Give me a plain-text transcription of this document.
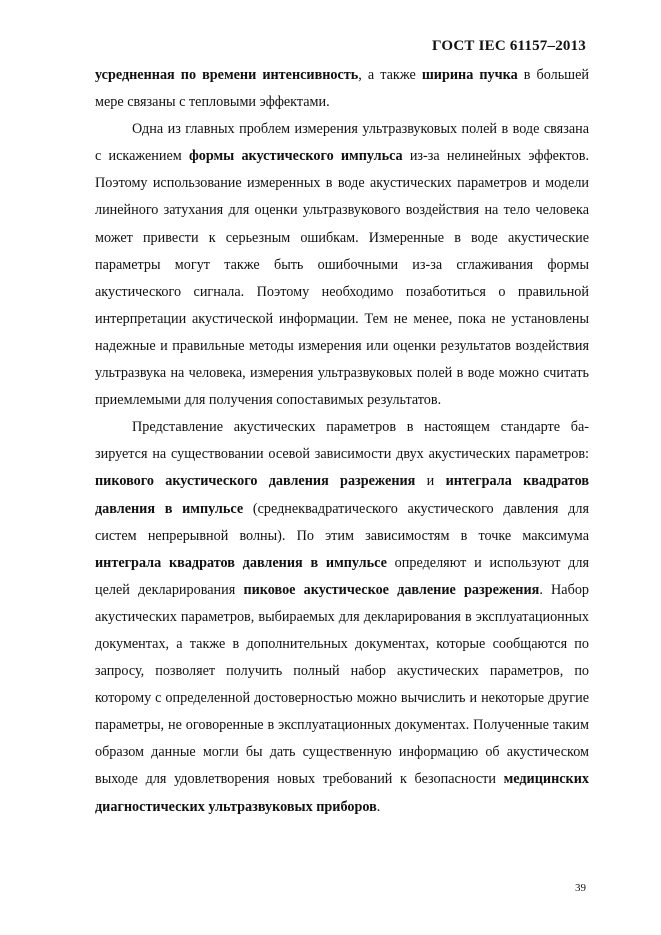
ГОСТ IEC 61157–2013

усредненная по времени интенсивность, а также ширина пучка в большей мере связаны с тепловыми эффектами.

Одна из главных проблем измерения ультразвуковых полей в воде связана с искажением формы акустического импульса из-за нелинейных эффектов. Поэтому использование измеренных в воде акустических параметров и модели линейного затухания для оценки ультразвукового воздействия на тело человека может привести к серьезным ошибкам. Измеренные в воде акустические параметры могут также быть ошибочными из-за сглаживания формы акустического сигнала. Поэтому необходимо позаботиться о правильной интерпретации акустической информации. Тем не менее, пока не установлены надежные и правильные методы измерения или оценки результатов воздействия ультразвука на человека, измерения ультразвуковых полей в воде можно считать приемлемыми для получения сопоставимых результатов.

Представление акустических параметров в настоящем стандарте базируется на существовании осевой зависимости двух акустических параметров: пикового акустического давления разрежения и интеграла квадратов давления в импульсе (среднеквадратического акустического давления для систем непрерывной волны). По этим зависимостям в точке максимума интеграла квадратов давления в импульсе определяют и используют для целей декларирования пиковое акустическое давление разрежения. Набор акустических параметров, выбираемых для декларирования в эксплуатационных документах, а также в дополнительных документах, которые сообщаются по запросу, позволяет получить полный набор акустических параметров, по которому с определенной достоверностью можно вычислить и некоторые другие параметры, не оговоренные в эксплуатационных документах. Полученные таким образом данные могли бы дать существенную информацию об акустическом выходе для удовлетворения новых требований к безопасности медицинских диагностических ультразвуковых приборов.

39
